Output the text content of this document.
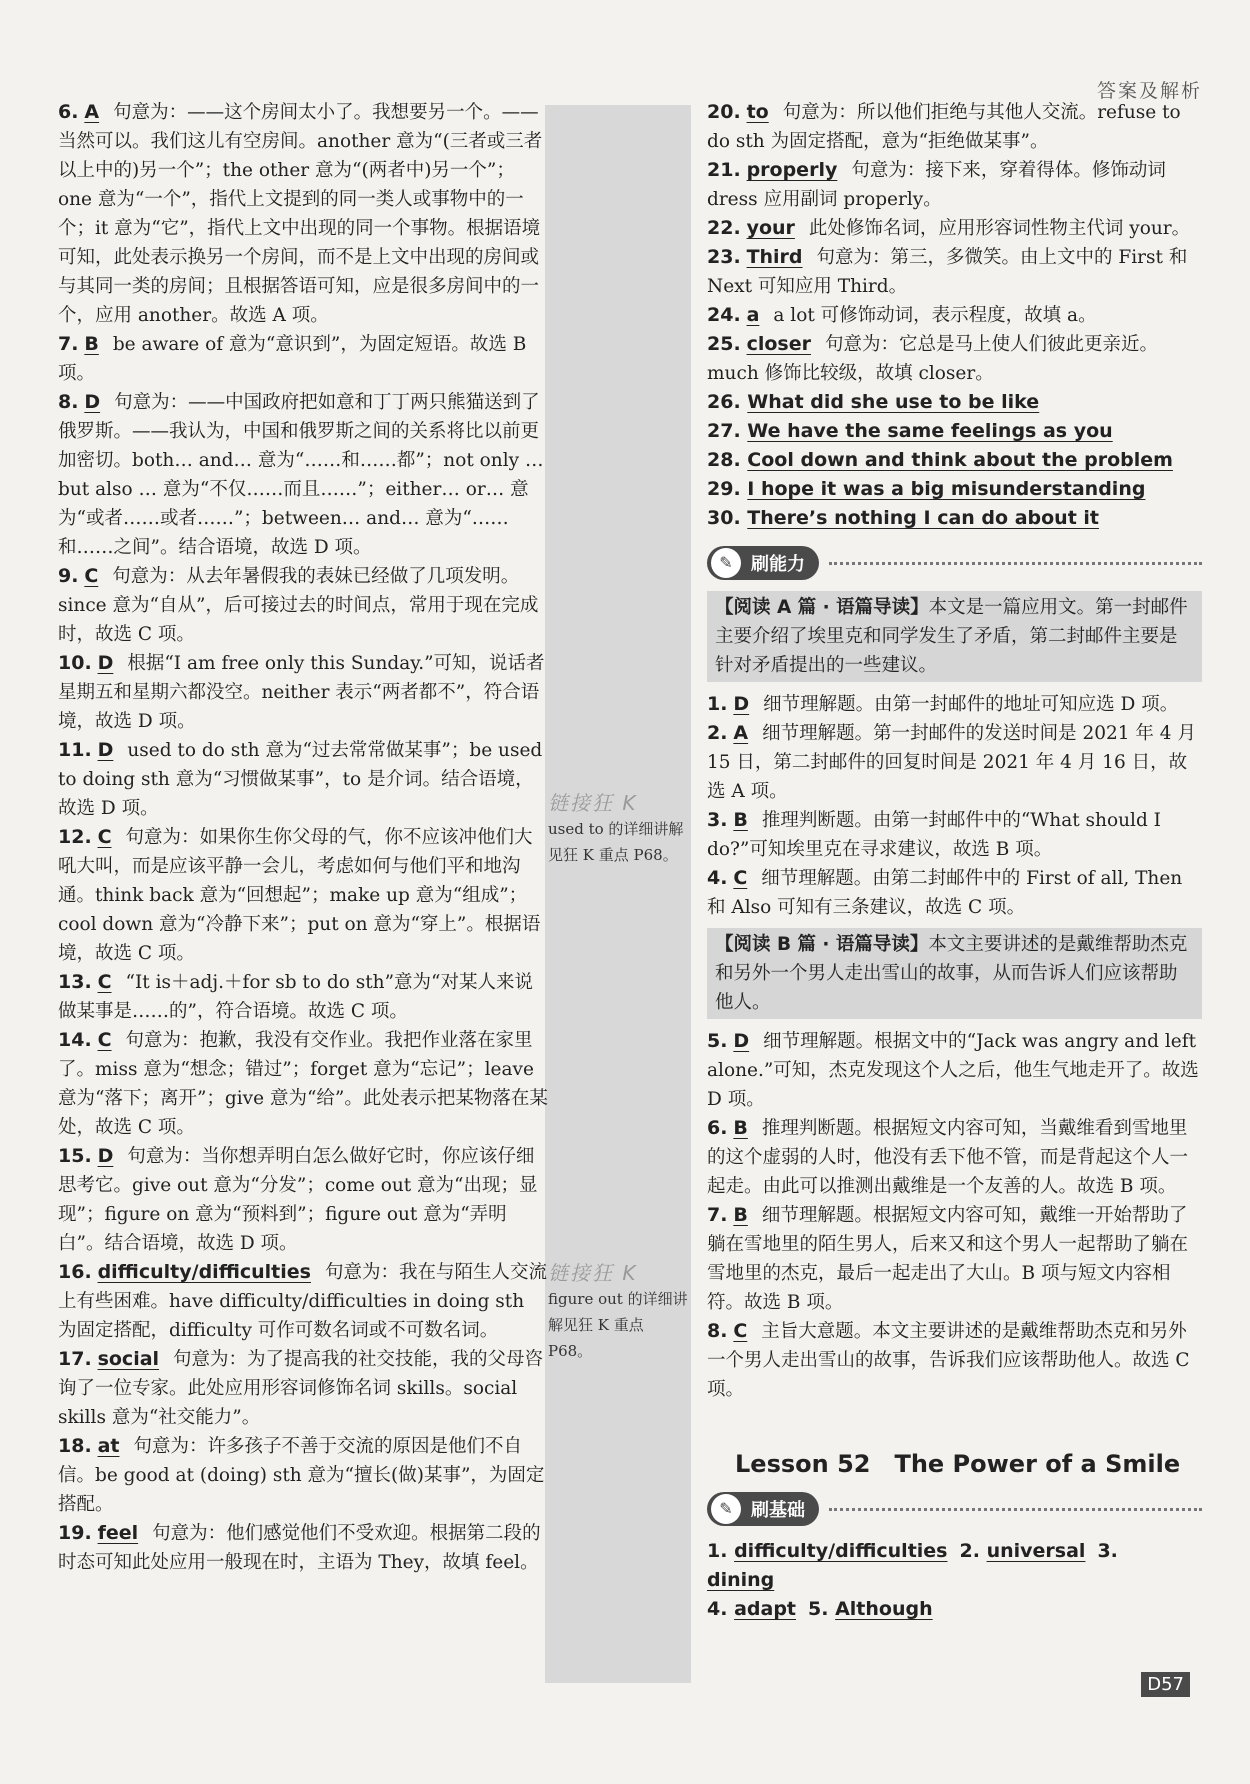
答案及解析
6. A 句意为：——这个房间太小了。我想要另一个。——当然可以。我们这儿有空房间。another 意为“(三者或三者以上中的)另一个”；the other 意为“(两者中)另一个”；one 意为“一个”，指代上文提到的同一类人或事物中的一个；it 意为“它”，指代上文中出现的同一个事物。根据语境可知，此处表示换另一个房间，而不是上文中出现的房间或与其同一类的房间；且根据答语可知，应是很多房间中的一个，应用 another。故选 A 项。
7. B be aware of 意为“意识到”，为固定短语。故选 B 项。
8. D 句意为：——中国政府把如意和丁丁两只熊猫送到了俄罗斯。——我认为，中国和俄罗斯之间的关系将比以前更加密切。both… and… 意为“……和……都”；not only … but also … 意为“不仅……而且……”；either… or… 意为“或者……或者……”；between… and… 意为“……和……之间”。结合语境，故选 D 项。
9. C 句意为：从去年暑假我的表妹已经做了几项发明。since 意为“自从”，后可接过去的时间点，常用于现在完成时，故选 C 项。
10. D 根据“I am free only this Sunday.”可知，说话者星期五和星期六都没空。neither 表示“两者都不”，符合语境，故选 D 项。
11. D used to do sth 意为“过去常常做某事”；be used to doing sth 意为“习惯做某事”，to 是介词。结合语境，故选 D 项。
12. C 句意为：如果你生你父母的气，你不应该冲他们大吼大叫，而是应该平静一会儿，考虑如何与他们平和地沟通。think back 意为“回想起”；make up 意为“组成”；cool down 意为“冷静下来”；put on 意为“穿上”。根据语境，故选 C 项。
13. C “It is＋adj.＋for sb to do sth”意为“对某人来说做某事是……的”，符合语境。故选 C 项。
14. C 句意为：抱歉，我没有交作业。我把作业落在家里了。miss 意为“想念；错过”；forget 意为“忘记”；leave 意为“落下；离开”；give 意为“给”。此处表示把某物落在某处，故选 C 项。
15. D 句意为：当你想弄明白怎么做好它时，你应该仔细思考它。give out 意为“分发”；come out 意为“出现；显现”；figure on 意为“预料到”；figure out 意为“弄明白”。结合语境，故选 D 项。
16. difficulty/difficulties 句意为：我在与陌生人交流上有些困难。have difficulty/difficulties in doing sth 为固定搭配，difficulty 可作可数名词或不可数名词。
17. social 句意为：为了提高我的社交技能，我的父母咨询了一位专家。此处应用形容词修饰名词 skills。social skills 意为“社交能力”。
18. at 句意为：许多孩子不善于交流的原因是他们不自信。be good at (doing) sth 意为“擅长(做)某事”，为固定搭配。
19. feel 句意为：他们感觉他们不受欢迎。根据第二段的时态可知此处应用一般现在时，主语为 They，故填 feel。
链接狂 K
used to 的详细讲解见狂 K 重点 P68。
链接狂 K
figure out 的详细讲解见狂 K 重点 P68。
20. to 句意为：所以他们拒绝与其他人交流。refuse to do sth 为固定搭配，意为“拒绝做某事”。
21. properly 句意为：接下来，穿着得体。修饰动词 dress 应用副词 properly。
22. your 此处修饰名词，应用形容词性物主代词 your。
23. Third 句意为：第三，多微笑。由上文中的 First 和 Next 可知应用 Third。
24. a a lot 可修饰动词，表示程度，故填 a。
25. closer 句意为：它总是马上使人们彼此更亲近。much 修饰比较级，故填 closer。
26. What did she use to be like
27. We have the same feelings as you
28. Cool down and think about the problem
29. I hope it was a big misunderstanding
30. There’s nothing I can do about it
✎	刷能力
【阅读 A 篇 · 语篇导读】本文是一篇应用文。第一封邮件主要介绍了埃里克和同学发生了矛盾，第二封邮件主要是针对矛盾提出的一些建议。
1. D 细节理解题。由第一封邮件的地址可知应选 D 项。
2. A 细节理解题。第一封邮件的发送时间是 2021 年 4 月 15 日，第二封邮件的回复时间是 2021 年 4 月 16 日，故选 A 项。
3. B 推理判断题。由第一封邮件中的“What should I do?”可知埃里克在寻求建议，故选 B 项。
4. C 细节理解题。由第二封邮件中的 First of all, Then 和 Also 可知有三条建议，故选 C 项。
【阅读 B 篇 · 语篇导读】本文主要讲述的是戴维帮助杰克和另外一个男人走出雪山的故事，从而告诉人们应该帮助他人。
5. D 细节理解题。根据文中的“Jack was angry and left alone.”可知，杰克发现这个人之后，他生气地走开了。故选 D 项。
6. B 推理判断题。根据短文内容可知，当戴维看到雪地里的这个虚弱的人时，他没有丢下他不管，而是背起这个人一起走。由此可以推测出戴维是一个友善的人。故选 B 项。
7. B 细节理解题。根据短文内容可知，戴维一开始帮助了躺在雪地里的陌生男人，后来又和这个男人一起帮助了躺在雪地里的杰克，最后一起走出了大山。B 项与短文内容相符。故选 B 项。
8. C 主旨大意题。本文主要讲述的是戴维帮助杰克和另外一个男人走出雪山的故事，告诉我们应该帮助他人。故选 C 项。
Lesson 52　The Power of a Smile
✎	刷基础
1. difficulty/difficulties 2. universal 3. dining
4. adapt 5. Although
D57
